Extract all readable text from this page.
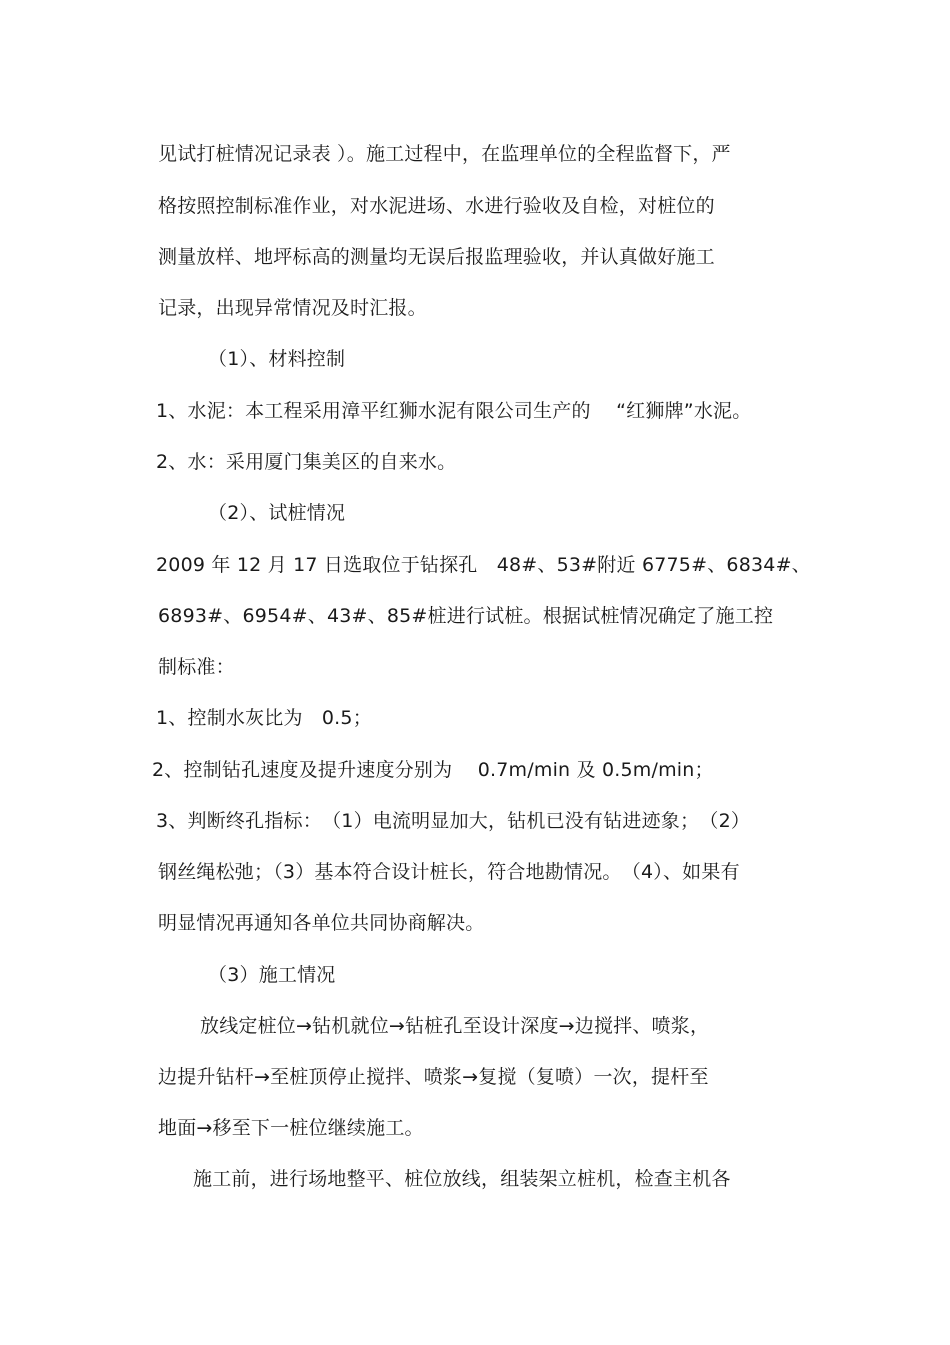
见试打桩情况记录表 ）。施工过程中，在监理单位的全程监督下，严
格按照控制标准作业，对水泥进场、水进行验收及自检，对桩位的
测量放样、地坪标高的测量均无误后报监理验收，并认真做好施工
记录，出现异常情况及时汇报。
（1）、材料控制
1、水泥：本工程采用漳平红狮水泥有限公司生产的　 “红狮牌”水泥。
2、水：采用厦门集美区的自来水。
（2）、试桩情况
2009 年 12 月 17 日选取位于钻探孔　48#、53#附近 6775#、6834#、
6893#、6954#、43#、85#桩进行试桩。根据试桩情况确定了施工控
制标准：
1、控制水灰比为　0.5；
2、控制钻孔速度及提升速度分别为　 0.7m/min 及 0.5m/min；
3、判断终孔指标：　（1）电流明显加大，钻机已没有钻进迹象；　（2）
钢丝绳松弛；（3）基本符合设计桩长，符合地勘情况。　（4）、如果有
明显情况再通知各单位共同协商解决。
（3）施工情况
放线定桩位→钻机就位→钻桩孔至设计深度→边搅拌、喷浆，
边提升钻杆→至桩顶停止搅拌、喷浆→复搅（复喷）一次，提杆至
地面→移至下一桩位继续施工。
施工前，进行场地整平、桩位放线，组装架立桩机，检查主机各
